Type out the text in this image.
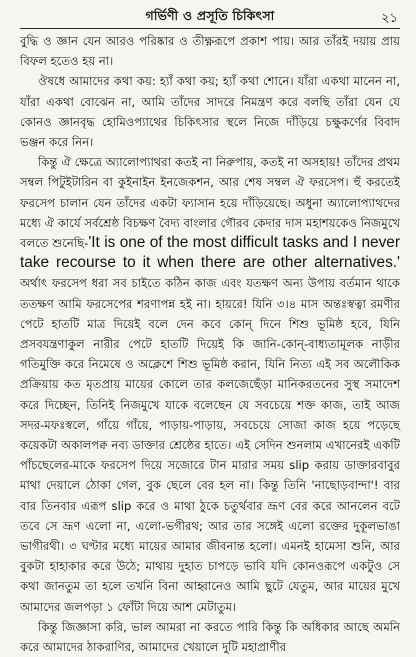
গর্ভিণী ও প্রসূতি চিকিৎসা	২১

বুদ্ধি ও জ্ঞান যেন আরও পরিষ্কার ও তীক্ষ্ণরূপে প্রকাশ পায়। আর তাঁরই দয়ায় প্রায় বিফল হতেও হয় না।

ঔষধে আমাদের কথা কয়: হ্যাঁ কথা কয়; হ্যাঁ কথা শোনে। যাঁরা একথা মানেন না, যাঁরা একথা বোঝেন না, আমি তাঁদের সাদরে নিমন্ত্রণ করে বলছি তাঁরা যেন যে কোনও জ্ঞানবৃদ্ধ হোমিওপ্যাথের চিকিৎসার স্থলে নিজে দাঁড়িয়ে চক্ষুকর্ণের বিবাদ ভঞ্জন করে নিন।

কিন্তু ঐ ক্ষেত্রে অ্যালোপ্যাথরা কতই না নিরুপায়, কতই না অসহায়! তাঁদের প্রথম সম্বল পিটুইটারিন বা কুইনাইন ইনজেকশন, আর শেষ সম্বল ঐ ফরসেপ। হুঁ করতেই ফরসেপ চালান যেন তাঁদের একটা ফ্যাসান হয়ে দাঁড়িয়েছে। অধুনা অ্যালোপ্যাথদের মধ্যে ঐ কার্যে সর্বশ্রেষ্ঠ বিচক্ষণ বৈদ্য বাংলার গৌরব কেদার দাস মহাশয়কেও নিজমুখে বলতে শুনেছি-'It is one of the most difficult tasks and I never take recourse to it when there are other alternatives.' অর্থাৎ ফরসেপ ধরা সব চাইতে কঠিন কাজ এবং যতক্ষণ অন্য উপায় বর্তমান থাকে ততক্ষণ আমি ফরসেপের শরণাপন্ন হই না। হায়রে! যিনি ৩।৪ মাস অন্তঃস্বত্বা রমণীর পেটে হাতটি মাত্র দিয়েই বলে দেন কবে কোন্ দিনে শিশু ভূমিষ্ঠ হবে, যিনি প্রসবযন্ত্রণাকুল নারীর পেটে হাতটি দিয়েই কি জানি-কোন্-বাধ্যতামূলক নাড়ীর গতিমুক্তি করে নিমেষে ও অক্লেশে শিশু ভূমিষ্ঠ করান, যিনি নিত্য এই সব অলৌকিক প্রক্রিয়ায় কত মৃতপ্রায় মায়ের কোলে তার কলজেছেঁড়া মানিকরতনের সুস্থ সমাদেশ করে দিচ্ছেন, তিনিই নিজমুখে যাকে বলেছেন যে সবচেয়ে শক্ত কাজ, তাই আজ সদর-মফঃস্বলে, গাঁয়ে গাঁয়ে, পাড়ায়-পাড়ায়, সবচেয়ে সোজা কাজ হয়ে পড়েছে কয়েকটা অকালপক্ব নব্য ডাক্তার শ্রেষ্ঠের হাতে। এই সেদিন শুনলাম এখানেরই একটি পাঁচছেলের-মাকে ফরসেপ দিয়ে সজোরে টান মারার সময় slip করায় ডাক্তারবাবুর মাথা দেয়ালে ঠোকা গেল, বুক ছেলে বের হল না। কিন্তু তিনি 'নাছোড়বান্দা'! বার বার তিনবার এরূপ slip করে ও মাথা ঠুকে চতুর্থবার ভ্রূণ বের করে আনলেন বটে তবে সে ভ্রূণ এলো না, এলো-ভগীরথ; আর তার সঙ্গেই এলো রক্তের দুকূলভাঙা ভাগীরথী। ৩ ঘণ্টার মধ্যে মায়ের আমার জীবনান্ত হলো। এমনই হামেসা শুনি, আর বুকটা হাহাকার করে উঠে; মাথায় দুহাত চাপড়ে ভাবি যদি কোনওরূপে একটুও সে কথা জানতুম তা হলে তখনি বিনা আহ্বানেও আমি ছুটে যেতুম, আর মায়ের মুখে আমাদের জলপড়া ১ ফোঁটা দিয়ে আশ মেটাতুম।

কিন্তু জিজ্ঞাসা করি, ভাল আমরা না করতে পারি কিন্তু কি অধিকার আছে অমনি করে আমাদের ঠাকরাণির, আমাদের খেয়ালে দুটি মহাপ্রাণীর
